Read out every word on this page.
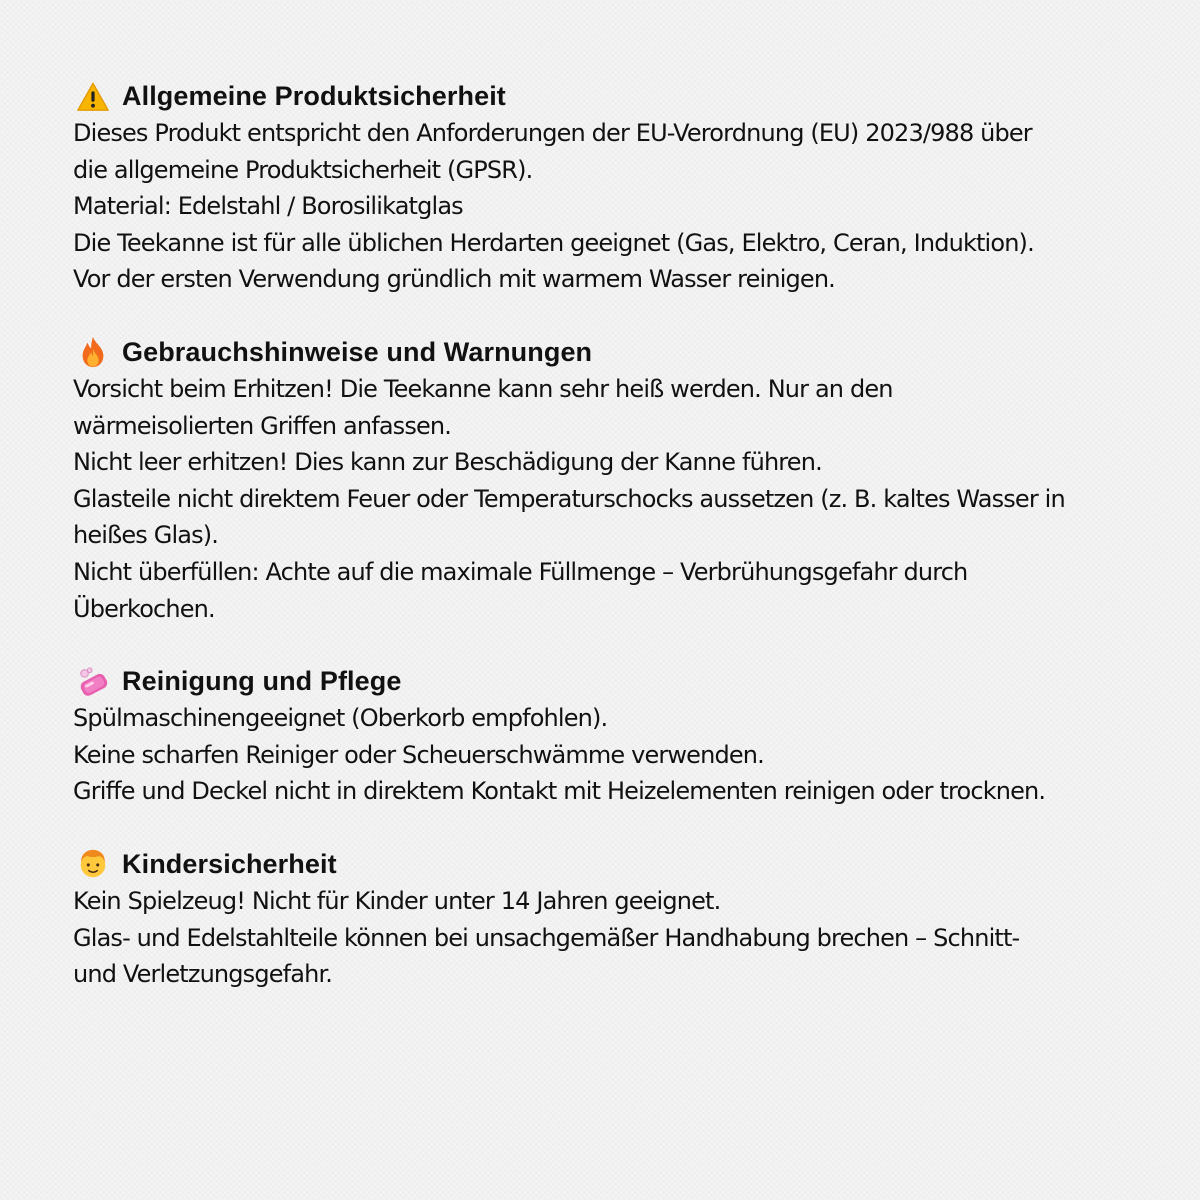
Allgemeine Produktsicherheit
Dieses Produkt entspricht den Anforderungen der EU-Verordnung (EU) 2023/988 über
die allgemeine Produktsicherheit (GPSR).
Material: Edelstahl / Borosilikatglas
Die Teekanne ist für alle üblichen Herdarten geeignet (Gas, Elektro, Ceran, Induktion).
Vor der ersten Verwendung gründlich mit warmem Wasser reinigen.
Gebrauchshinweise und Warnungen
Vorsicht beim Erhitzen! Die Teekanne kann sehr heiß werden. Nur an den
wärmeisolierten Griffen anfassen.
Nicht leer erhitzen! Dies kann zur Beschädigung der Kanne führen.
Glasteile nicht direktem Feuer oder Temperaturschocks aussetzen (z. B. kaltes Wasser in
heißes Glas).
Nicht überfüllen: Achte auf die maximale Füllmenge – Verbrühungsgefahr durch
Überkochen.
Reinigung und Pflege
Spülmaschinengeeignet (Oberkorb empfohlen).
Keine scharfen Reiniger oder Scheuerschwämme verwenden.
Griffe und Deckel nicht in direktem Kontakt mit Heizelementen reinigen oder trocknen.
Kindersicherheit
Kein Spielzeug! Nicht für Kinder unter 14 Jahren geeignet.
Glas- und Edelstahlteile können bei unsachgemäßer Handhabung brechen – Schnitt-
und Verletzungsgefahr.
